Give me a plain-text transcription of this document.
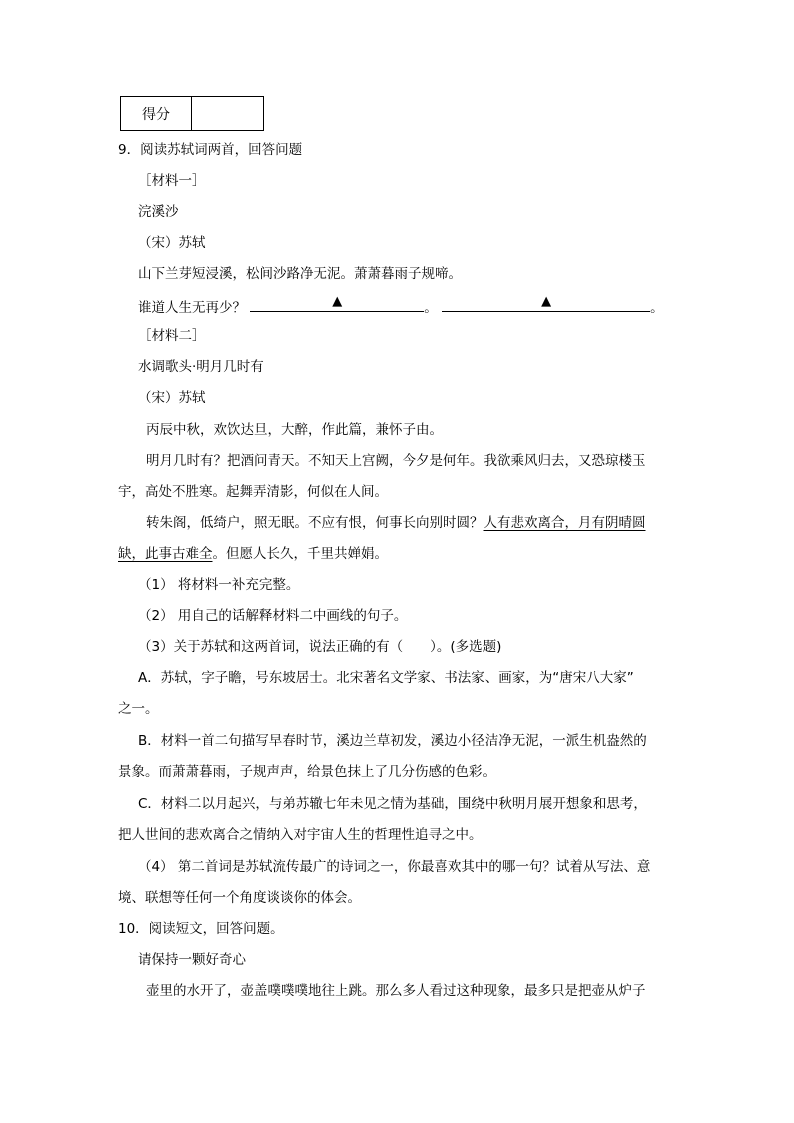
得分
9．阅读苏轼词两首，回答问题
［材料一］
浣溪沙
（宋）苏轼
山下兰芽短浸溪，松间沙路净无泥。萧萧暮雨子规啼。
谁道人生无再少？	▲	。	▲	。
［材料二］
水调歌头·明月几时有
（宋）苏轼
丙辰中秋，欢饮达旦，大醉，作此篇，兼怀子由。
明月几时有？把酒问青天。不知天上宫阙，今夕是何年。我欲乘风归去，又恐琼楼玉
宇，高处不胜寒。起舞弄清影，何似在人间。
转朱阁，低绮户，照无眠。不应有恨，何事长向别时圆？人有悲欢离合，月有阴晴圆
缺，此事古难全。但愿人长久，千里共婵娟。
（1） 将材料一补充完整。
（2） 用自己的话解释材料二中画线的句子。
（3）关于苏轼和这两首词，说法正确的有（　　）。(多选题)
A．苏轼，字子瞻，号东坡居士。北宋著名文学家、书法家、画家，为“唐宋八大家”
之一。
B．材料一首二句描写早春时节，溪边兰草初发，溪边小径洁净无泥，一派生机盎然的
景象。而萧萧暮雨，子规声声，给景色抹上了几分伤感的色彩。
C．材料二以月起兴，与弟苏辙七年未见之情为基础，围绕中秋明月展开想象和思考，
把人世间的悲欢离合之情纳入对宇宙人生的哲理性追寻之中。
（4） 第二首词是苏轼流传最广的诗词之一，你最喜欢其中的哪一句？试着从写法、意
境、联想等任何一个角度谈谈你的体会。
10．阅读短文，回答问题。
请保持一颗好奇心
壶里的水开了，壶盖噗噗噗地往上跳。那么多人看过这种现象，最多只是把壶从炉子
